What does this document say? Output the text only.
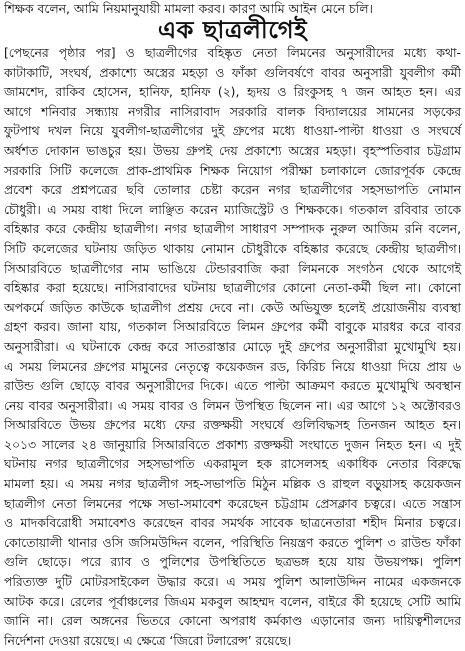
শিক্ষক বলেন, আমি নিয়মানুযায়ী মামলা করব। কারণ আমি আইন মেনে চলি।
এক ছাত্রলীগেই
[পেছনের পৃষ্ঠার পর] ও ছাত্রলীগের বহিষ্কৃত নেতা লিমনের অনুসারীদের মধ্যে কথা-
কাটাকাটি, সংঘর্ষ, প্রকাশ্যে অস্ত্রের মহড়া ও ফাঁকা গুলিবর্ষণে বাবর অনুসারী যুবলীগ কর্মী
জামশেদ, রাকিব হোসেন, হানিফ, হানিফ (২), হৃদয় ও রিংকুসহ ৭ জন আহত হন। এর
আগে শনিবার সন্ধ্যায় নগরীর নাসিরাবাদ সরকারি বালক বিদ্যালয়ের সামনের সড়কের
ফুটপাথ দখল নিয়ে যুবলীগ-ছাত্রলীগের দুই গ্রুপের মধ্যে ধাওয়া-পাল্টা ধাওয়া ও সংঘর্ষে
অর্ধশত দোকান ভাঙচুর হয়। উভয় গ্রুপই দেয় প্রকাশ্যে অস্ত্রের মহড়া। বৃহস্পতিবার চট্টগ্রাম
সরকারি সিটি কলেজে প্রাক-প্রাথমিক শিক্ষক নিয়োগ পরীক্ষা চলাকালে জোরপূর্বক কেন্দ্রে
প্রবেশ করে প্রশ্নপত্রের ছবি তোলার চেষ্টা করেন নগর ছাত্রলীগের সহসভাপতি নোমান
চৌধুরী। এ সময় বাধা দিলে লাঞ্ছিত করেন ম্যাজিস্ট্রেট ও শিক্ষককে। গতকাল রবিবার তাকে
বহিষ্কার করে কেন্দ্রীয় ছাত্রলীগ। নগর ছাত্রলীগ সাধারণ সম্পাদক নুরুল আজিম রনি বলেন,
সিটি কলেজের ঘটনায় জড়িত থাকায় নোমান চৌধুরীকে বহিষ্কার করেছে কেন্দ্রীয় ছাত্রলীগ।
সিআরবিতে ছাত্রলীগের নাম ভাঙিয়ে টেন্ডারবাজি করা লিমনকে সংগঠন থেকে আগেই
বহিষ্কার করা হয়েছে। নাসিরাবাদের ঘটনায় ছাত্রলীগের কোনো নেতা-কর্মী ছিল না। কোনো
অপকর্মে জড়িত কাউকে ছাত্রলীগ প্রশ্রয় দেবে না। কেউ অভিযুক্ত হলেই প্রয়োজনীয় ব্যবস্থা
গ্রহণ করব। জানা যায়, গতকাল সিআরবিতে লিমন গ্রুপের কর্মী বাবুকে মারধর করে বাবর
অনুসারীরা। এ ঘটনাকে কেন্দ্র করে সাতরাস্তার মোড়ে দুই গ্রুপের অনুসারীরা মুখোমুখি হয়।
এ সময় লিমনের গ্রুপের মামুনের নেতৃত্বে কয়েকজন রড, কিরিচ নিয়ে ধাওয়া দিয়ে প্রায় ৬
রাউন্ড গুলি ছোড়ে বাবর অনুসারীদের দিকে। এতে পাল্টা আক্রমণ করতে মুখোমুখি অবস্থান
নেয় বাবর অনুসারীরা। এ সময় বাবর ও লিমন উপস্থিত ছিলেন না। এর আগে ১২ অক্টোবরও
সিআরবিতে উভয় গ্রুপের মধ্যে ফের রক্তক্ষয়ী সংঘর্ষে গুলিবিদ্ধসহ তিনজন আহত হন।
২০১৩ সালের ২৪ জানুয়ারি সিআরবিতে প্রকাশ্য রক্তক্ষয়ী সংঘাতে দুজন নিহত হন। এ দুই
ঘটনায় নগর ছাত্রলীগের সহসভাপতি একরামুল হক রাসেলসহ একাধিক নেতার বিরুদ্ধে
মামলা হয়। এ সময় নগর ছাত্রলীগ সহ-সভাপতি মিঠুন মল্লিক ও রাহুল বড়ুয়াসহ কয়েকজন
ছাত্রলীগ নেতা লিমনের পক্ষে সভা-সমাবেশ করেছেন চট্টগ্রাম প্রেসক্লাব চত্বরে। এতে সন্ত্রাস
ও মাদকবিরোধী সমাবেশও করেছেন বাবর সমর্থক সাবেক ছাত্রনেতারা শহীদ মিনার চত্বরে।
কোতোয়ালী থানার ওসি জসিমউদ্দিন বলেন, পরিস্থিতি নিয়ন্ত্রণ করতে পুলিশ ৩ রাউন্ড ফাঁকা
গুলি ছোড়ে। পরে র‍্যাব ও পুলিশের উপস্থিতিতে ছত্রভঙ্গ হয়ে যায় উভয়পক্ষ। পুলিশ
পরিত্যক্ত দুটি মোটরসাইকেল উদ্ধার করে। এ সময় পুলিশ আলাউদ্দিন নামের একজনকে
আটক করে। রেলের পূর্বাঞ্চলের জিএম মকবুল আহম্মদ বলেন, বাইরে কী হয়েছে সেটি আমি
জানি না। রেল অঙ্গনের ভিতরে কোনো অপরাধ কর্মকাণ্ড এড়ানোর জন্য দায়িত্বশীলদের
নির্দেশনা দেওয়া রয়েছে। এ ক্ষেত্রে ‘জিরো টলারেন্স’ রয়েছে।
